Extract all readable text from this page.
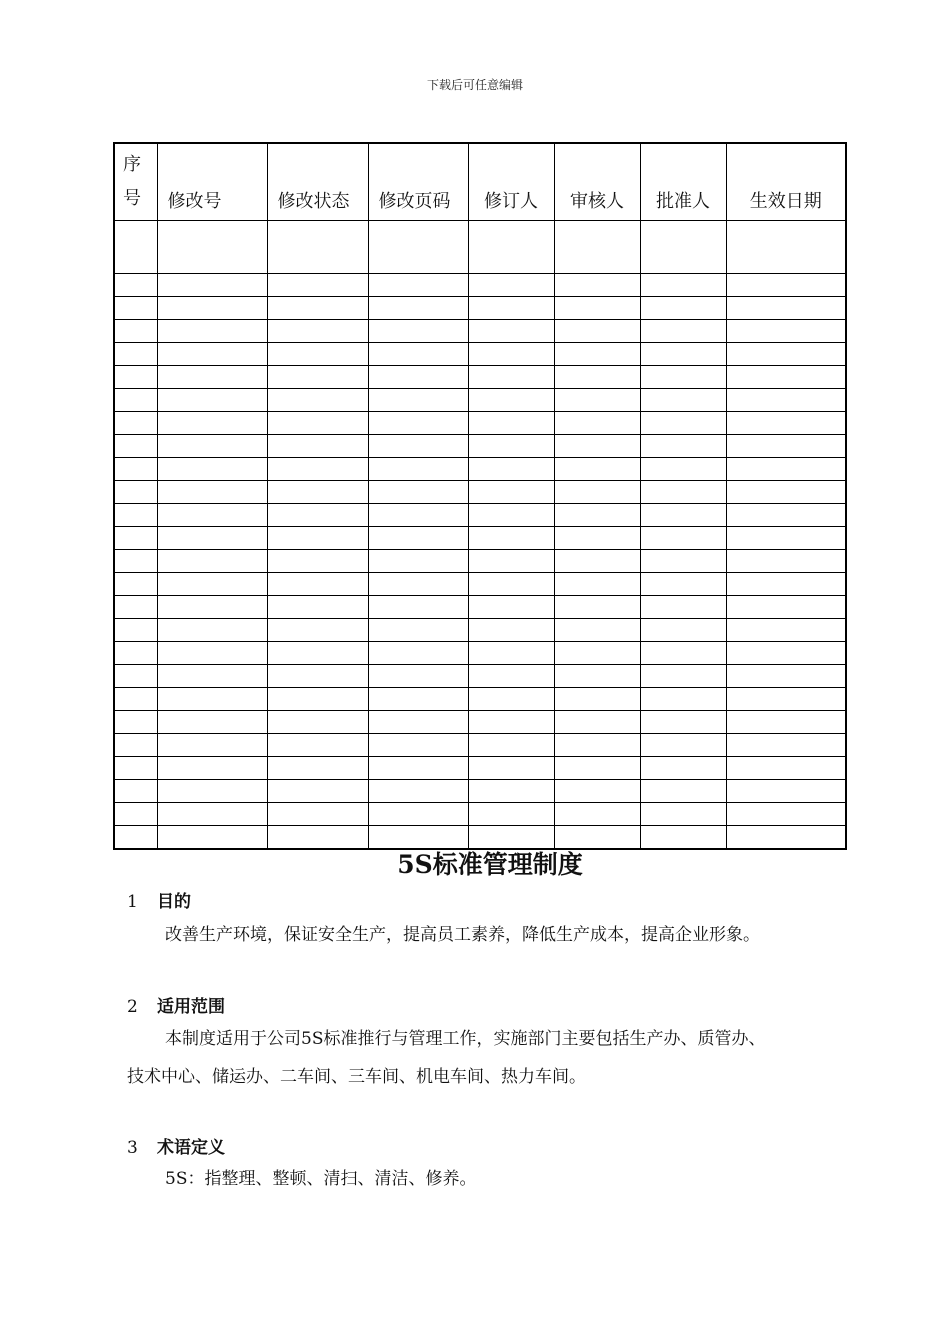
下载后可任意编辑
序
号	修改号	修改状态	修改页码	修订人	审核人	批准人	生效日期

5S标准管理制度
1 目的
改善生产环境，保证安全生产，提高员工素养，降低生产成本，提高企业形象。
2 适用范围
本制度适用于公司5S标准推行与管理工作，实施部门主要包括生产办、质管办、
技术中心、储运办、二车间、三车间、机电车间、热力车间。
3 术语定义
5S：指整理、整顿、清扫、清洁、修养。
